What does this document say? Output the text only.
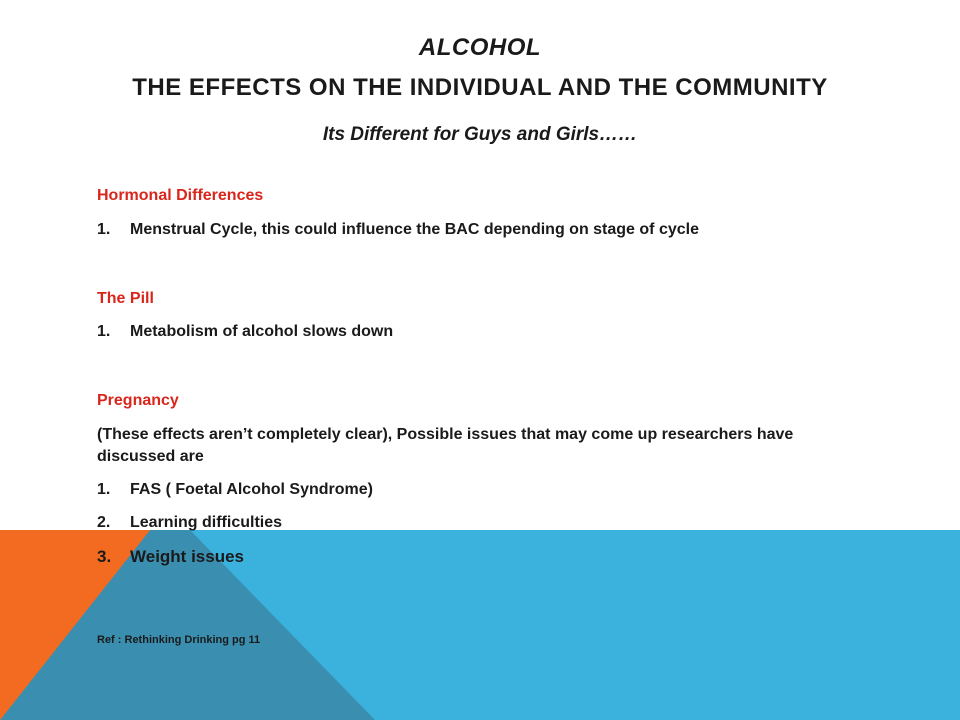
ALCOHOL
THE EFFECTS ON THE INDIVIDUAL AND THE COMMUNITY
Its Different for Guys and Girls……
Hormonal Differences
1.	Menstrual Cycle, this could influence the BAC depending on stage of cycle
The Pill
1.	Metabolism of alcohol slows down
Pregnancy
(These effects aren’t completely clear), Possible issues that may come up researchers have discussed are
1.	FAS ( Foetal Alcohol Syndrome)
2.	Learning difficulties
3.	Weight issues
Ref : Rethinking Drinking pg 11
